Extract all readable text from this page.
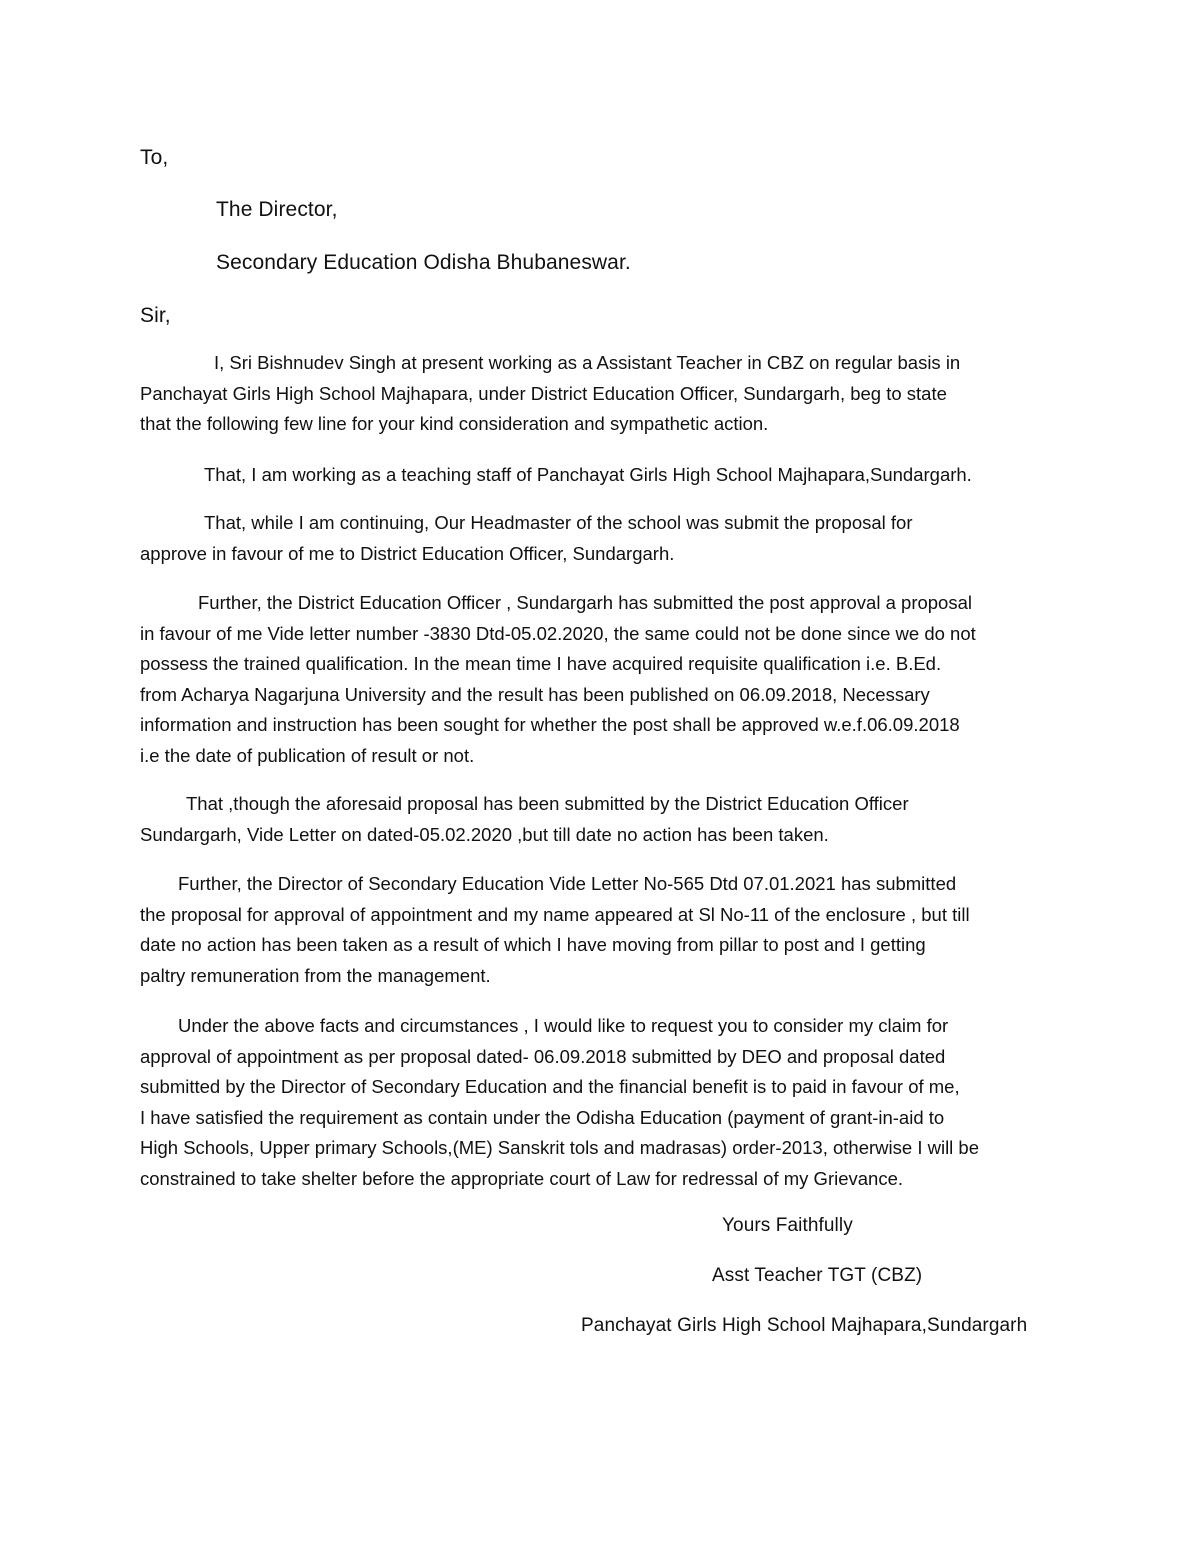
To,
The Director,
Secondary Education Odisha Bhubaneswar.
Sir,
I, Sri Bishnudev Singh at present working as a Assistant Teacher in CBZ on regular basis in
Panchayat Girls High School Majhapara, under District Education Officer, Sundargarh, beg to state
that the following few line for your kind consideration and sympathetic action.
That, I am working as a teaching staff of Panchayat Girls High School Majhapara,Sundargarh.
That, while I am continuing, Our Headmaster of the school was submit the proposal for
approve in favour of me to District Education Officer, Sundargarh.
Further, the District Education Officer , Sundargarh has submitted the post approval a proposal
in favour of me Vide letter number -3830 Dtd-05.02.2020, the same could not be done since we do not
possess the trained qualification. In the mean time I have acquired requisite qualification i.e. B.Ed.
from Acharya Nagarjuna University and the result has been published on 06.09.2018, Necessary
information and instruction has been sought for whether the post shall be approved w.e.f.06.09.2018
i.e the date of publication of result or not.
That ,though the aforesaid proposal has been submitted by the District Education Officer
Sundargarh, Vide Letter on dated-05.02.2020 ,but till date no action has been taken.
Further, the Director of Secondary Education Vide Letter No-565 Dtd 07.01.2021 has submitted
the proposal for approval of appointment and my name appeared at Sl No-11 of the enclosure , but till
date no action has been taken as a result of which I have moving from pillar to post and I getting
paltry remuneration from the management.
Under the above facts and circumstances , I would like to request you to consider my claim for
approval of appointment as per proposal dated- 06.09.2018 submitted by DEO and proposal dated
submitted by the Director of Secondary Education and the financial benefit is to paid in favour of me,
I have satisfied the requirement as contain under the Odisha Education (payment of grant-in-aid to
High Schools, Upper primary Schools,(ME) Sanskrit tols and madrasas) order-2013, otherwise I will be
constrained to take shelter before the appropriate court of Law for redressal of my Grievance.
Yours Faithfully
Asst Teacher TGT (CBZ)
Panchayat Girls High School Majhapara,Sundargarh
